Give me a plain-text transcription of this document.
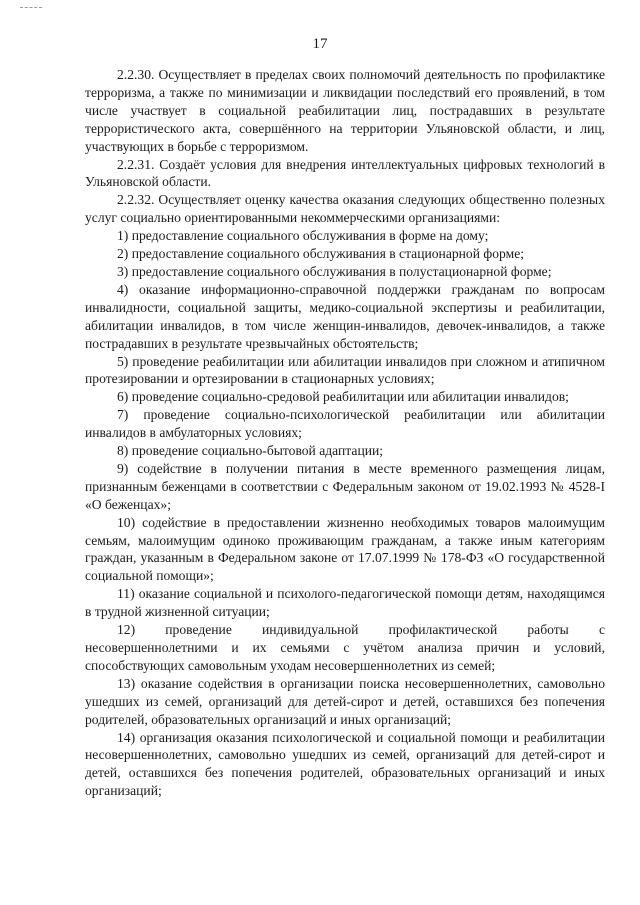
17

2.2.30. Осуществляет в пределах своих полномочий деятельность по профилактике терроризма, а также по минимизации и ликвидации последствий его проявлений, в том числе участвует в социальной реабилитации лиц, пострадавших в результате террористического акта, совершённого на территории Ульяновской области, и лиц, участвующих в борьбе с терроризмом.

2.2.31. Создаёт условия для внедрения интеллектуальных цифровых технологий в Ульяновской области.

2.2.32. Осуществляет оценку качества оказания следующих общественно полезных услуг социально ориентированными некоммерческими организациями:

1) предоставление социального обслуживания в форме на дому;

2) предоставление социального обслуживания в стационарной форме;

3) предоставление социального обслуживания в полустационарной форме;

4) оказание информационно-справочной поддержки гражданам по вопросам инвалидности, социальной защиты, медико-социальной экспертизы и реабилитации, абилитации инвалидов, в том числе женщин-инвалидов, девочек-инвалидов, а также пострадавших в результате чрезвычайных обстоятельств;

5) проведение реабилитации или абилитации инвалидов при сложном и атипичном протезировании и ортезировании в стационарных условиях;

6) проведение социально-средовой реабилитации или абилитации инвалидов;

7) проведение социально-психологической реабилитации или абилитации инвалидов в амбулаторных условиях;

8) проведение социально-бытовой адаптации;

9) содействие в получении питания в месте временного размещения лицам, признанным беженцами в соответствии с Федеральным законом от 19.02.1993 № 4528-I «О беженцах»;

10) содействие в предоставлении жизненно необходимых товаров малоимущим семьям, малоимущим одиноко проживающим гражданам, а также иным категориям граждан, указанным в Федеральном законе от 17.07.1999 № 178-ФЗ «О государственной социальной помощи»;

11) оказание социальной и психолого-педагогической помощи детям, находящимся в трудной жизненной ситуации;

12) проведение индивидуальной профилактической работы с несовершеннолетними и их семьями с учётом анализа причин и условий, способствующих самовольным уходам несовершеннолетних из семей;

13) оказание содействия в организации поиска несовершеннолетних, самовольно ушедших из семей, организаций для детей-сирот и детей, оставшихся без попечения родителей, образовательных организаций и иных организаций;

14) организация оказания психологической и социальной помощи и реабилитации несовершеннолетних, самовольно ушедших из семей, организаций для детей-сирот и детей, оставшихся без попечения родителей, образовательных организаций и иных организаций;
